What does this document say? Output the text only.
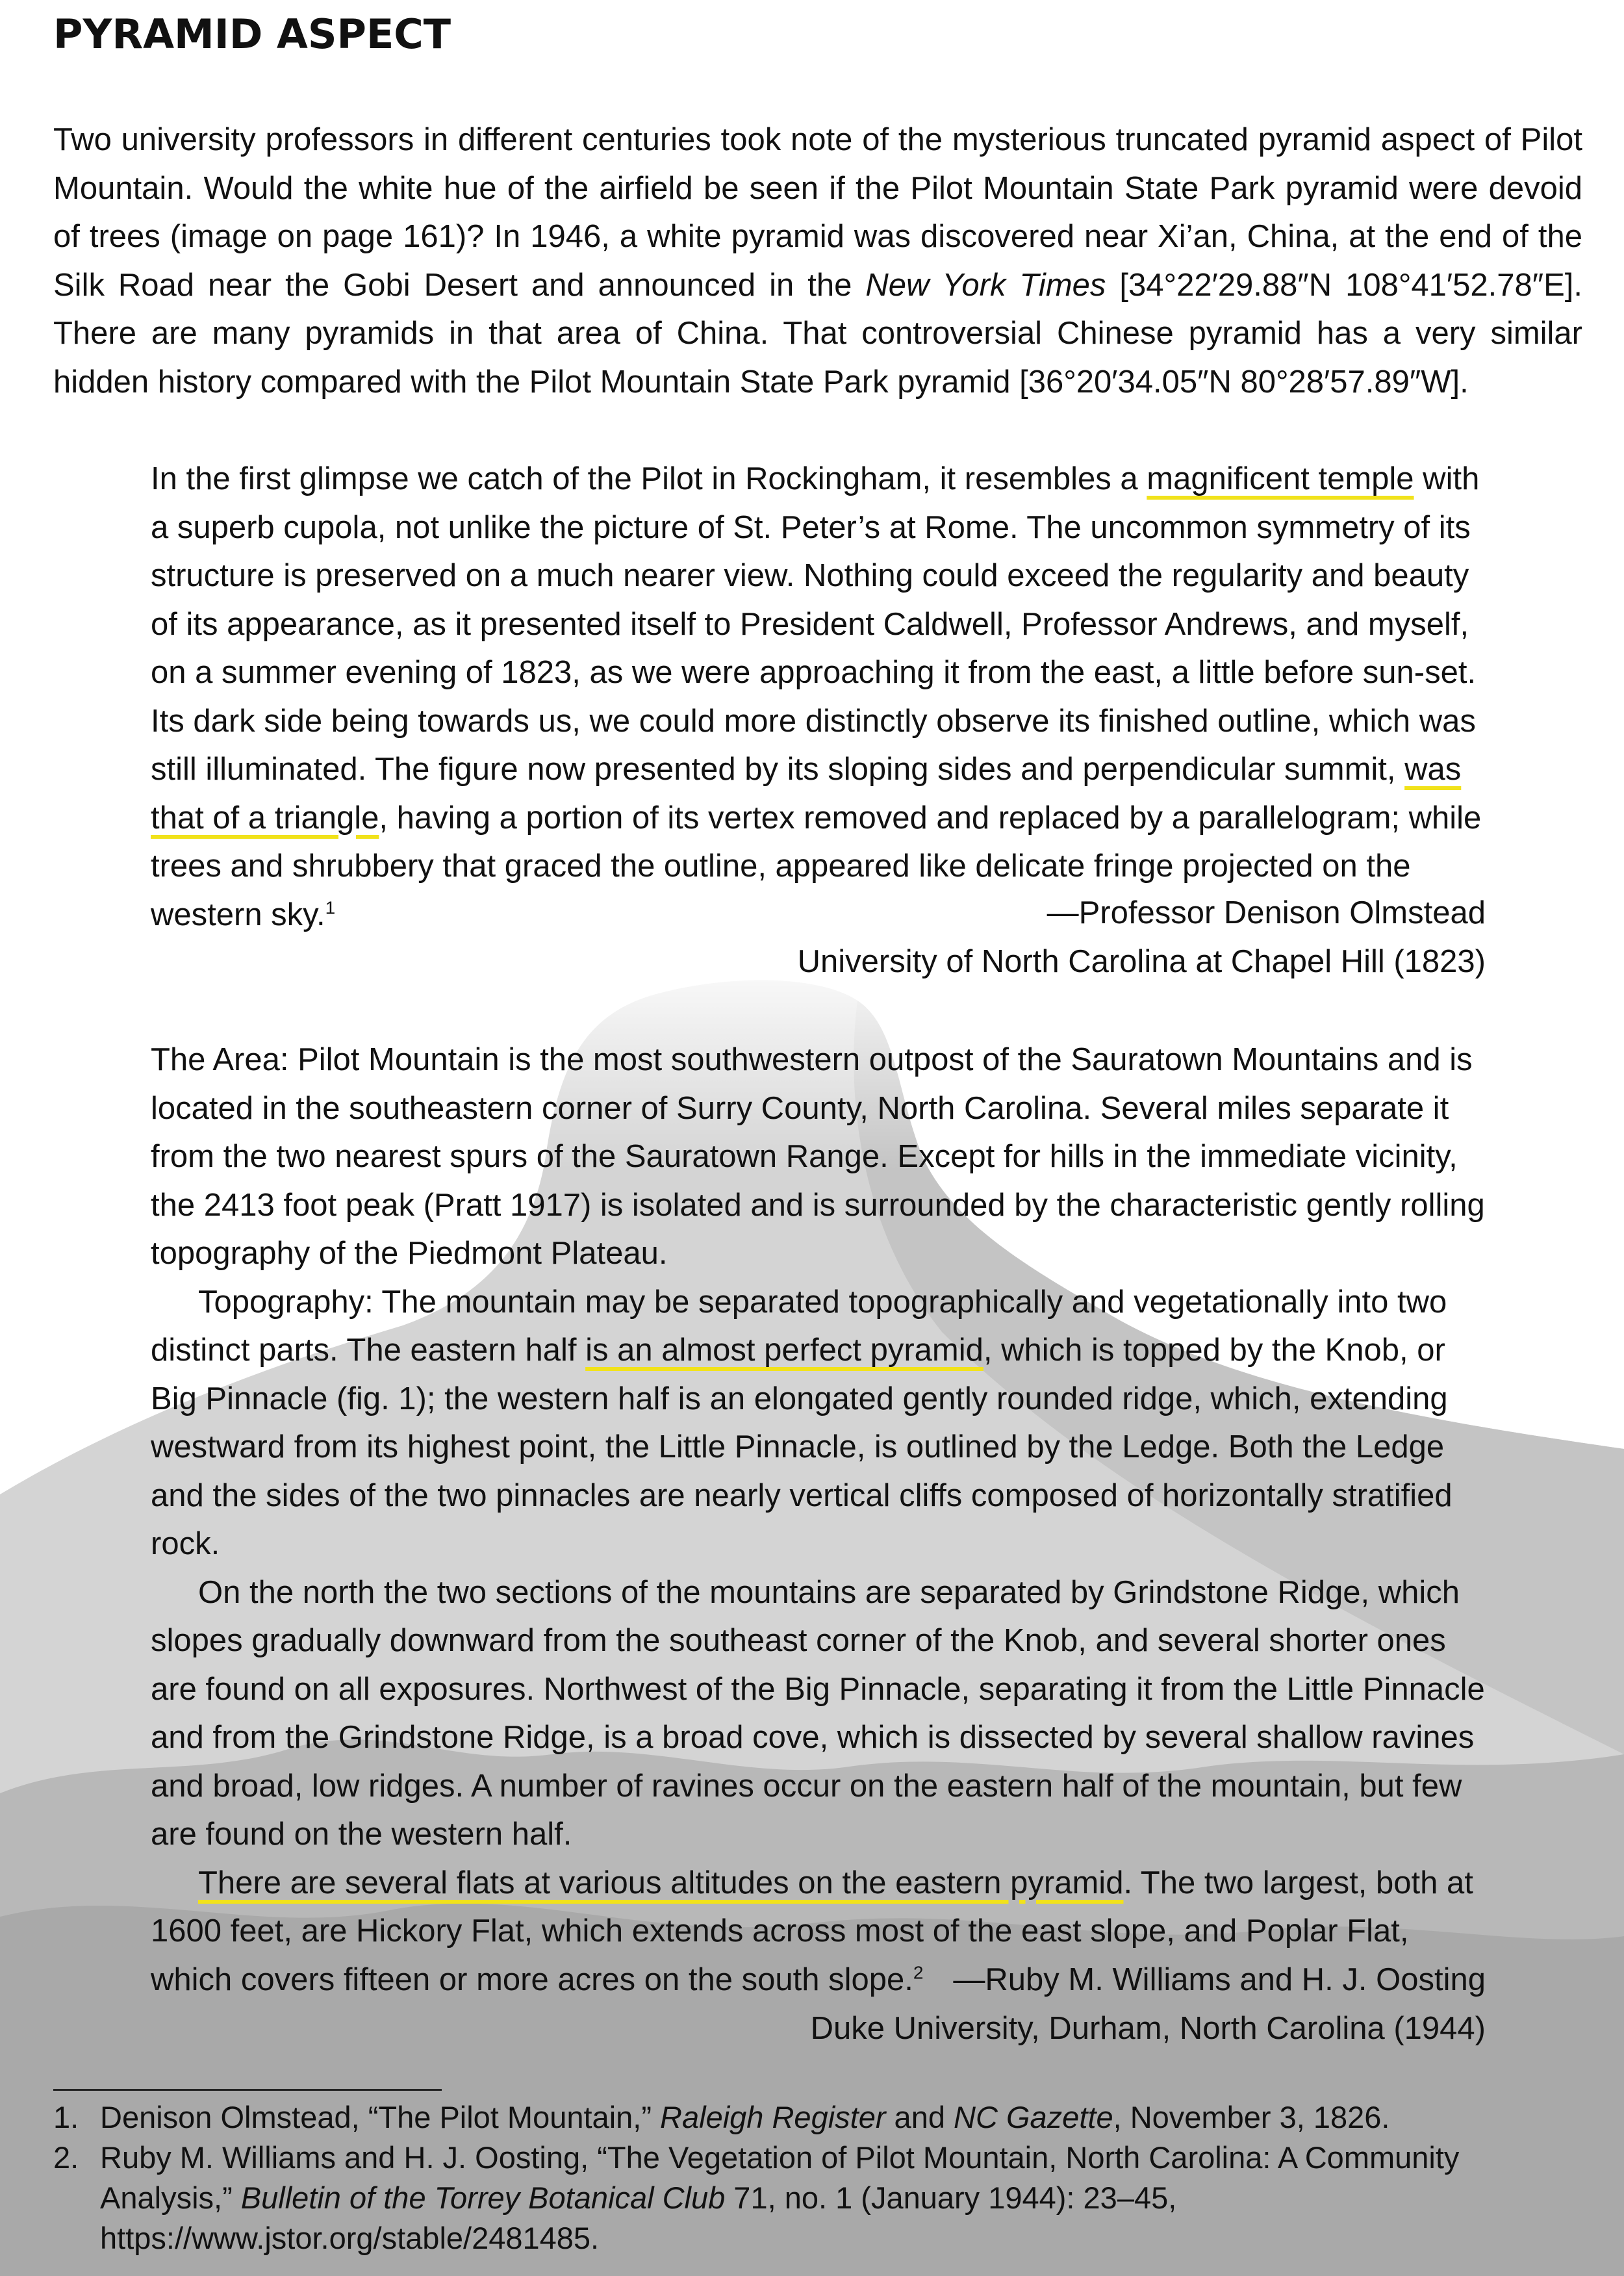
PYRAMID ASPECT

Two university professors in different centuries took note of the mysterious truncated pyramid aspect of Pilot Mountain. Would the white hue of the airfield be seen if the Pilot Mountain State Park pyramid were devoid of trees (image on page 161)? In 1946, a white pyramid was discovered near Xi’an, China, at the end of the Silk Road near the Gobi Desert and announced in the New York Times [34°22′29.88″N 108°41′52.78″E]. There are many pyramids in that area of China. That controversial Chinese pyramid has a very similar hidden history compared with the Pilot Mountain State Park pyramid [36°20′34.05″N 80°28′57.89″W].

In the first glimpse we catch of the Pilot in Rockingham, it resembles a magnificent temple with a superb cupola, not unlike the picture of St. Peter’s at Rome. The uncommon symmetry of its structure is preserved on a much nearer view. Nothing could exceed the regularity and beauty of its appearance, as it presented itself to President Caldwell, Professor Andrews, and myself, on a summer evening of 1823, as we were approaching it from the east, a little before sun-set. Its dark side being towards us, we could more distinctly observe its finished outline, which was still illuminated. The figure now presented by its sloping sides and perpendicular summit, was that of a triangle, having a portion of its vertex removed and replaced by a parallelogram; while trees and shrubbery that graced the outline, appeared like delicate fringe projected on the western sky.$^1$	—Professor Denison Olmstead
University of North Carolina at Chapel Hill (1823)

The Area: Pilot Mountain is the most southwestern outpost of the Sauratown Mountains and is located in the southeastern corner of Surry County, North Carolina. Several miles separate it from the two nearest spurs of the Sauratown Range. Except for hills in the immediate vicinity, the 2413 foot peak (Pratt 1917) is isolated and is surrounded by the characteristic gently rolling topography of the Piedmont Plateau.

Topography: The mountain may be separated topographically and vegetationally into two distinct parts. The eastern half is an almost perfect pyramid, which is topped by the Knob, or Big Pinnacle (fig. 1); the western half is an elongated gently rounded ridge, which, extending westward from its highest point, the Little Pinnacle, is outlined by the Ledge. Both the Ledge and the sides of the two pinnacles are nearly vertical cliffs composed of horizontally stratified rock.

On the north the two sections of the mountains are separated by Grindstone Ridge, which slopes gradually downward from the southeast corner of the Knob, and several shorter ones are found on all exposures. Northwest of the Big Pinnacle, separating it from the Little Pinnacle and from the Grindstone Ridge, is a broad cove, which is dissected by several shallow ravines and broad, low ridges. A number of ravines occur on the eastern half of the mountain, but few are found on the western half.

There are several flats at various altitudes on the eastern pyramid. The two largest, both at 1600 feet, are Hickory Flat, which extends across most of the east slope, and Poplar Flat, which covers fifteen or more acres on the south slope.$^2$ —Ruby M. Williams and H. J. Oosting
Duke University, Durham, North Carolina (1944)

1. Denison Olmstead, “The Pilot Mountain,” Raleigh Register and NC Gazette, November 3, 1826.

2. Ruby M. Williams and H. J. Oosting, “The Vegetation of Pilot Mountain, North Carolina: A Community Analysis,” Bulletin of the Torrey Botanical Club 71, no. 1 (January 1944): 23–45, https://www.jstor.org/stable/2481485.
